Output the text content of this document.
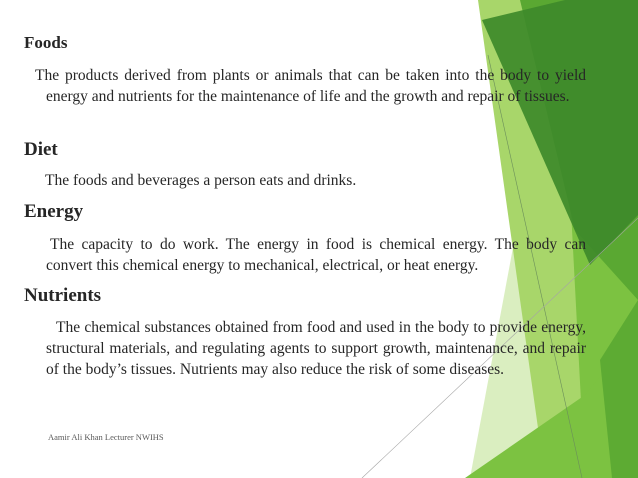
Foods

The products derived from plants or animals that can be taken into the body to yield energy and nutrients for the maintenance of life and the growth and repair of tissues.

Diet

The foods and beverages a person eats and drinks.

Energy

The capacity to do work. The energy in food is chemical energy. The body can convert this chemical energy to mechanical, electrical, or heat energy.

Nutrients

The chemical substances obtained from food and used in the body to provide energy, structural materials, and regulating agents to support growth, maintenance, and repair of the body’s tissues. Nutrients may also reduce the risk of some diseases.

Aamir Ali Khan Lecturer NWIHS
